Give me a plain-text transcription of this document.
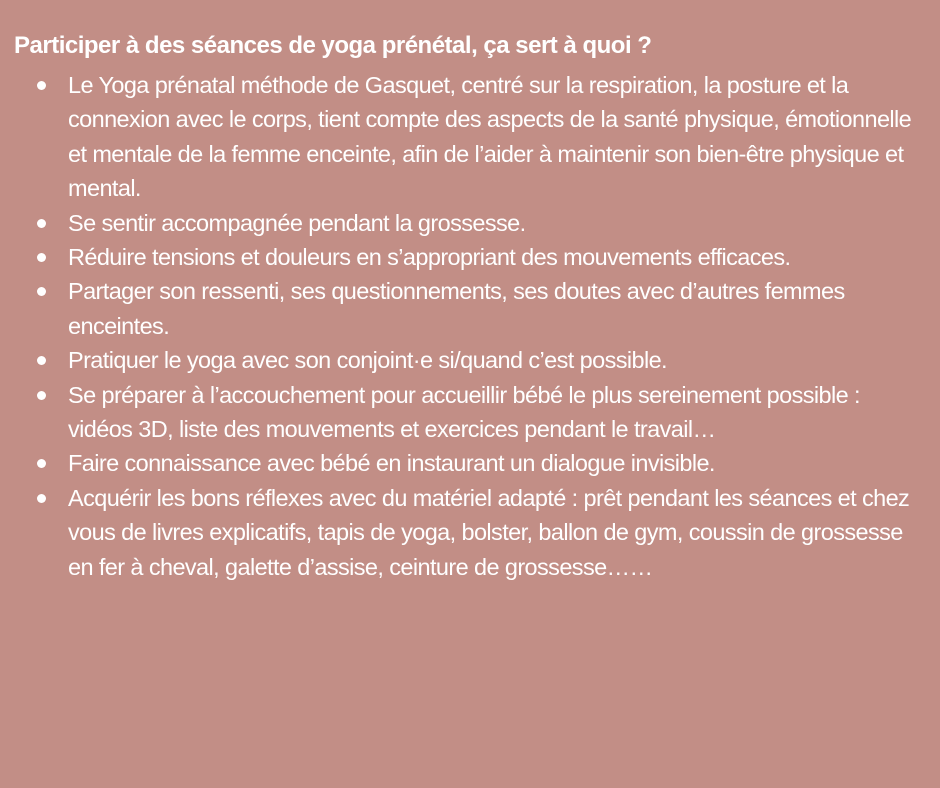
Participer à des séances de yoga prénétal, ça sert à quoi ?
Le Yoga prénatal méthode de Gasquet, centré sur la respiration, la posture et la connexion avec le corps, tient compte des aspects de la santé physique, émotionnelle et mentale de la femme enceinte, afin de l’aider à maintenir son bien-être physique et mental.
Se sentir accompagnée pendant la grossesse.
Réduire tensions et douleurs en s’appropriant des mouvements efficaces.
Partager son ressenti, ses questionnements, ses doutes avec d’autres femmes enceintes.
Pratiquer le yoga avec son conjoint·e si/quand c’est possible.
Se préparer à l’accouchement pour accueillir bébé le plus sereinement possible : vidéos 3D, liste des mouvements et exercices pendant le travail…
Faire connaissance avec bébé en instaurant un dialogue invisible.
Acquérir les bons réflexes avec du matériel adapté : prêt pendant les séances et chez vous de livres explicatifs, tapis de yoga, bolster, ballon de gym, coussin de grossesse en fer à cheval, galette d’assise, ceinture de grossesse……
